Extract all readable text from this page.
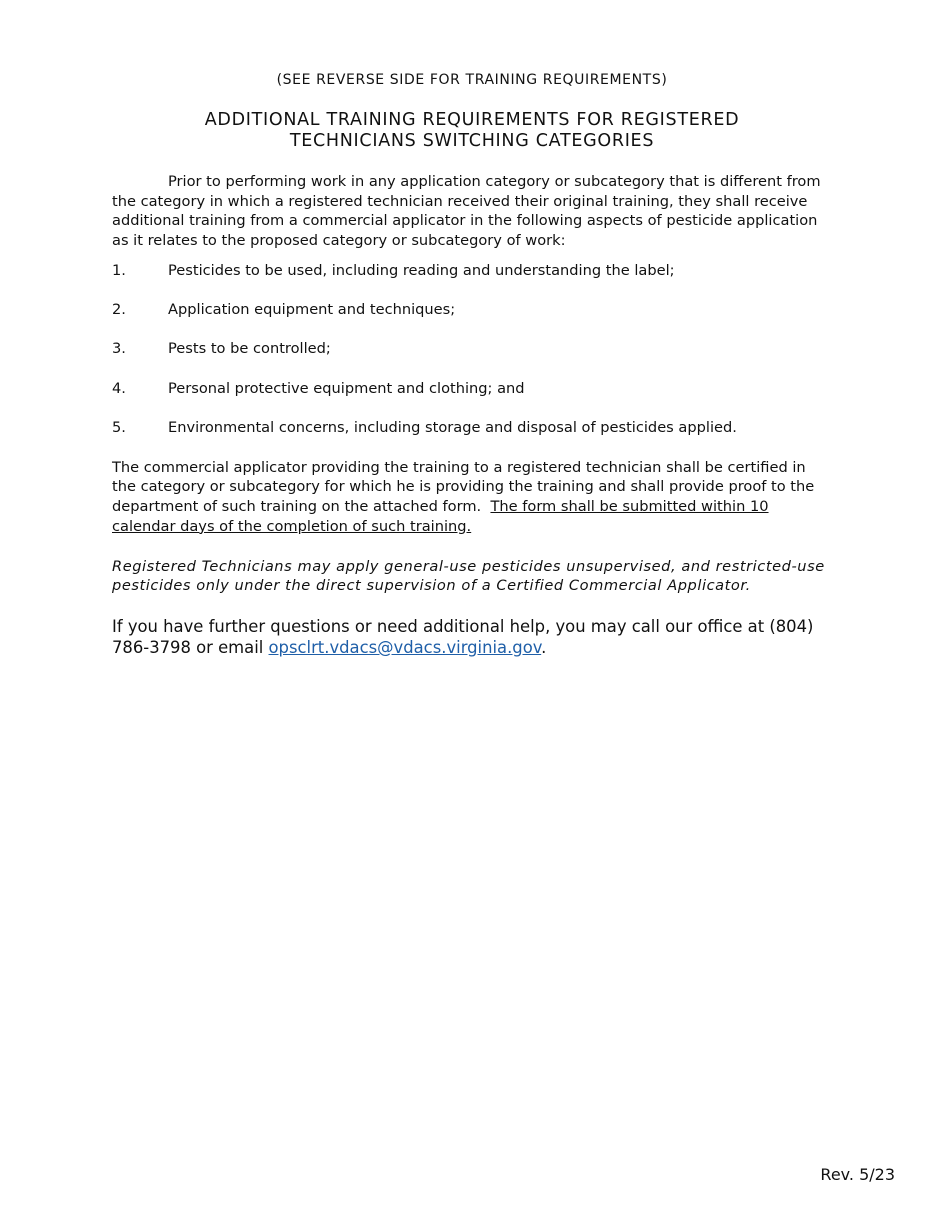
(SEE REVERSE SIDE FOR TRAINING REQUIREMENTS)

ADDITIONAL TRAINING REQUIREMENTS FOR REGISTERED
TECHNICIANS SWITCHING CATEGORIES

Prior to performing work in any application category or subcategory that is different from the category in which a registered technician received their original training, they shall receive additional training from a commercial applicator in the following aspects of pesticide application as it relates to the proposed category or subcategory of work:

1.	Pesticides to be used, including reading and understanding the label;
2.	Application equipment and techniques;
3.	Pests to be controlled;
4.	Personal protective equipment and clothing; and
5.	Environmental concerns, including storage and disposal of pesticides applied.

The commercial applicator providing the training to a registered technician shall be certified in the category or subcategory for which he is providing the training and shall provide proof to the department of such training on the attached form. The form shall be submitted within 10 calendar days of the completion of such training.

Registered Technicians may apply general-use pesticides unsupervised, and restricted-use pesticides only under the direct supervision of a Certified Commercial Applicator.

If you have further questions or need additional help, you may call our office at (804) 786-3798 or email opsclrt.vdacs@vdacs.virginia.gov.

Rev. 5/23
